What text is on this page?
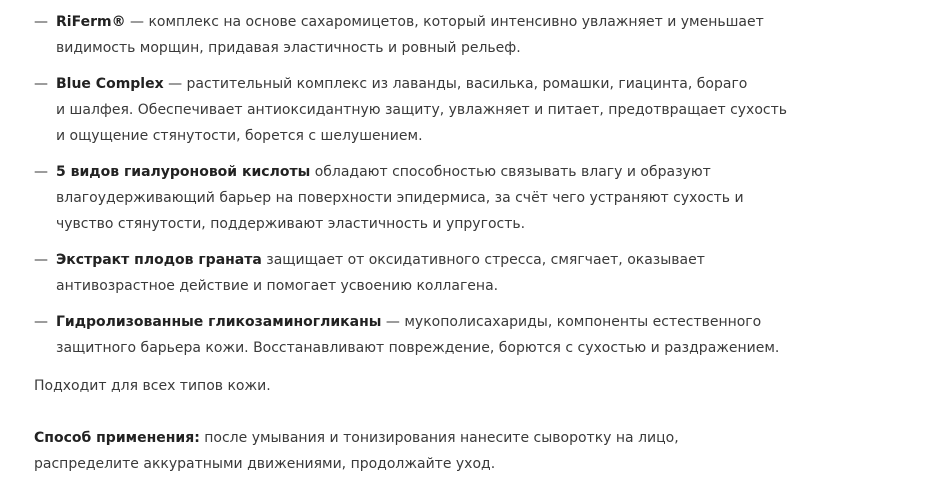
— RiFerm® — комплекс на основе сахаромицетов, который интенсивно увлажняет и уменьшает
видимость морщин, придавая эластичность и ровный рельеф.
— Blue Complex — растительный комплекс из лаванды, василька, ромашки, гиацинта, бораго
и шалфея. Обеспечивает антиоксидантную защиту, увлажняет и питает, предотвращает сухость
и ощущение стянутости, борется с шелушением.
— 5 видов гиалуроновой кислоты обладают способностью связывать влагу и образуют
влагоудерживающий барьер на поверхности эпидермиса, за счёт чего устраняют сухость и
чувство стянутости, поддерживают эластичность и упругость.
— Экстракт плодов граната защищает от оксидативного стресса, смягчает, оказывает
антивозрастное действие и помогает усвоению коллагена.
— Гидролизованные гликозаминогликаны — мукополисахариды, компоненты естественного
защитного барьера кожи. Восстанавливают повреждение, борются с сухостью и раздражением.

Подходит для всех типов кожи.

Способ применения: после умывания и тонизирования нанесите сыворотку на лицо,
распределите аккуратными движениями, продолжайте уход.
